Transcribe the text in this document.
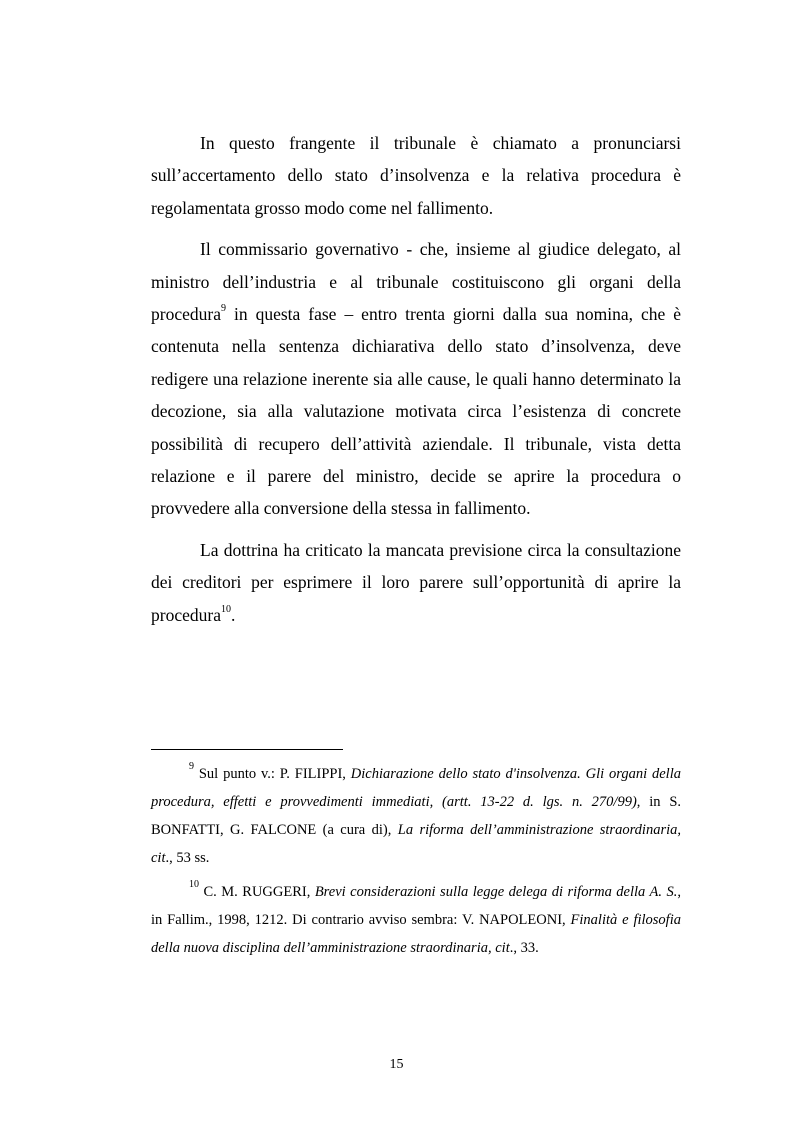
In questo frangente il tribunale è chiamato a pronunciarsi sull’accertamento dello stato d’insolvenza e la relativa procedura è regolamentata grosso modo come nel fallimento.

Il commissario governativo - che, insieme al giudice delegato, al ministro dell’industria e al tribunale costituiscono gli organi della procedura$^9$ in questa fase – entro trenta giorni dalla sua nomina, che è contenuta nella sentenza dichiarativa dello stato d’insolvenza, deve redigere una relazione inerente sia alle cause, le quali hanno determinato la decozione, sia alla valutazione motivata circa l’esistenza di concrete possibilità di recupero dell’attività aziendale. Il tribunale, vista detta relazione e il parere del ministro, decide se aprire la procedura o provvedere alla conversione della stessa in fallimento.

La dottrina ha criticato la mancata previsione circa la consultazione dei creditori per esprimere il loro parere sull’opportunità di aprire la procedura$^{10}$.

$^9$ Sul punto v.: P. FILIPPI, Dichiarazione dello stato d'insolvenza. Gli organi della procedura, effetti e provvedimenti immediati, (artt. 13-22 d. lgs. n. 270/99), in S. BONFATTI, G. FALCONE (a cura di), La riforma dell’amministrazione straordinaria, cit., 53 ss.

$^{10}$ C. M. RUGGERI, Brevi considerazioni sulla legge delega di riforma della A. S., in Fallim., 1998, 1212. Di contrario avviso sembra: V. NAPOLEONI, Finalità e filosofia della nuova disciplina dell’amministrazione straordinaria, cit., 33.

15
